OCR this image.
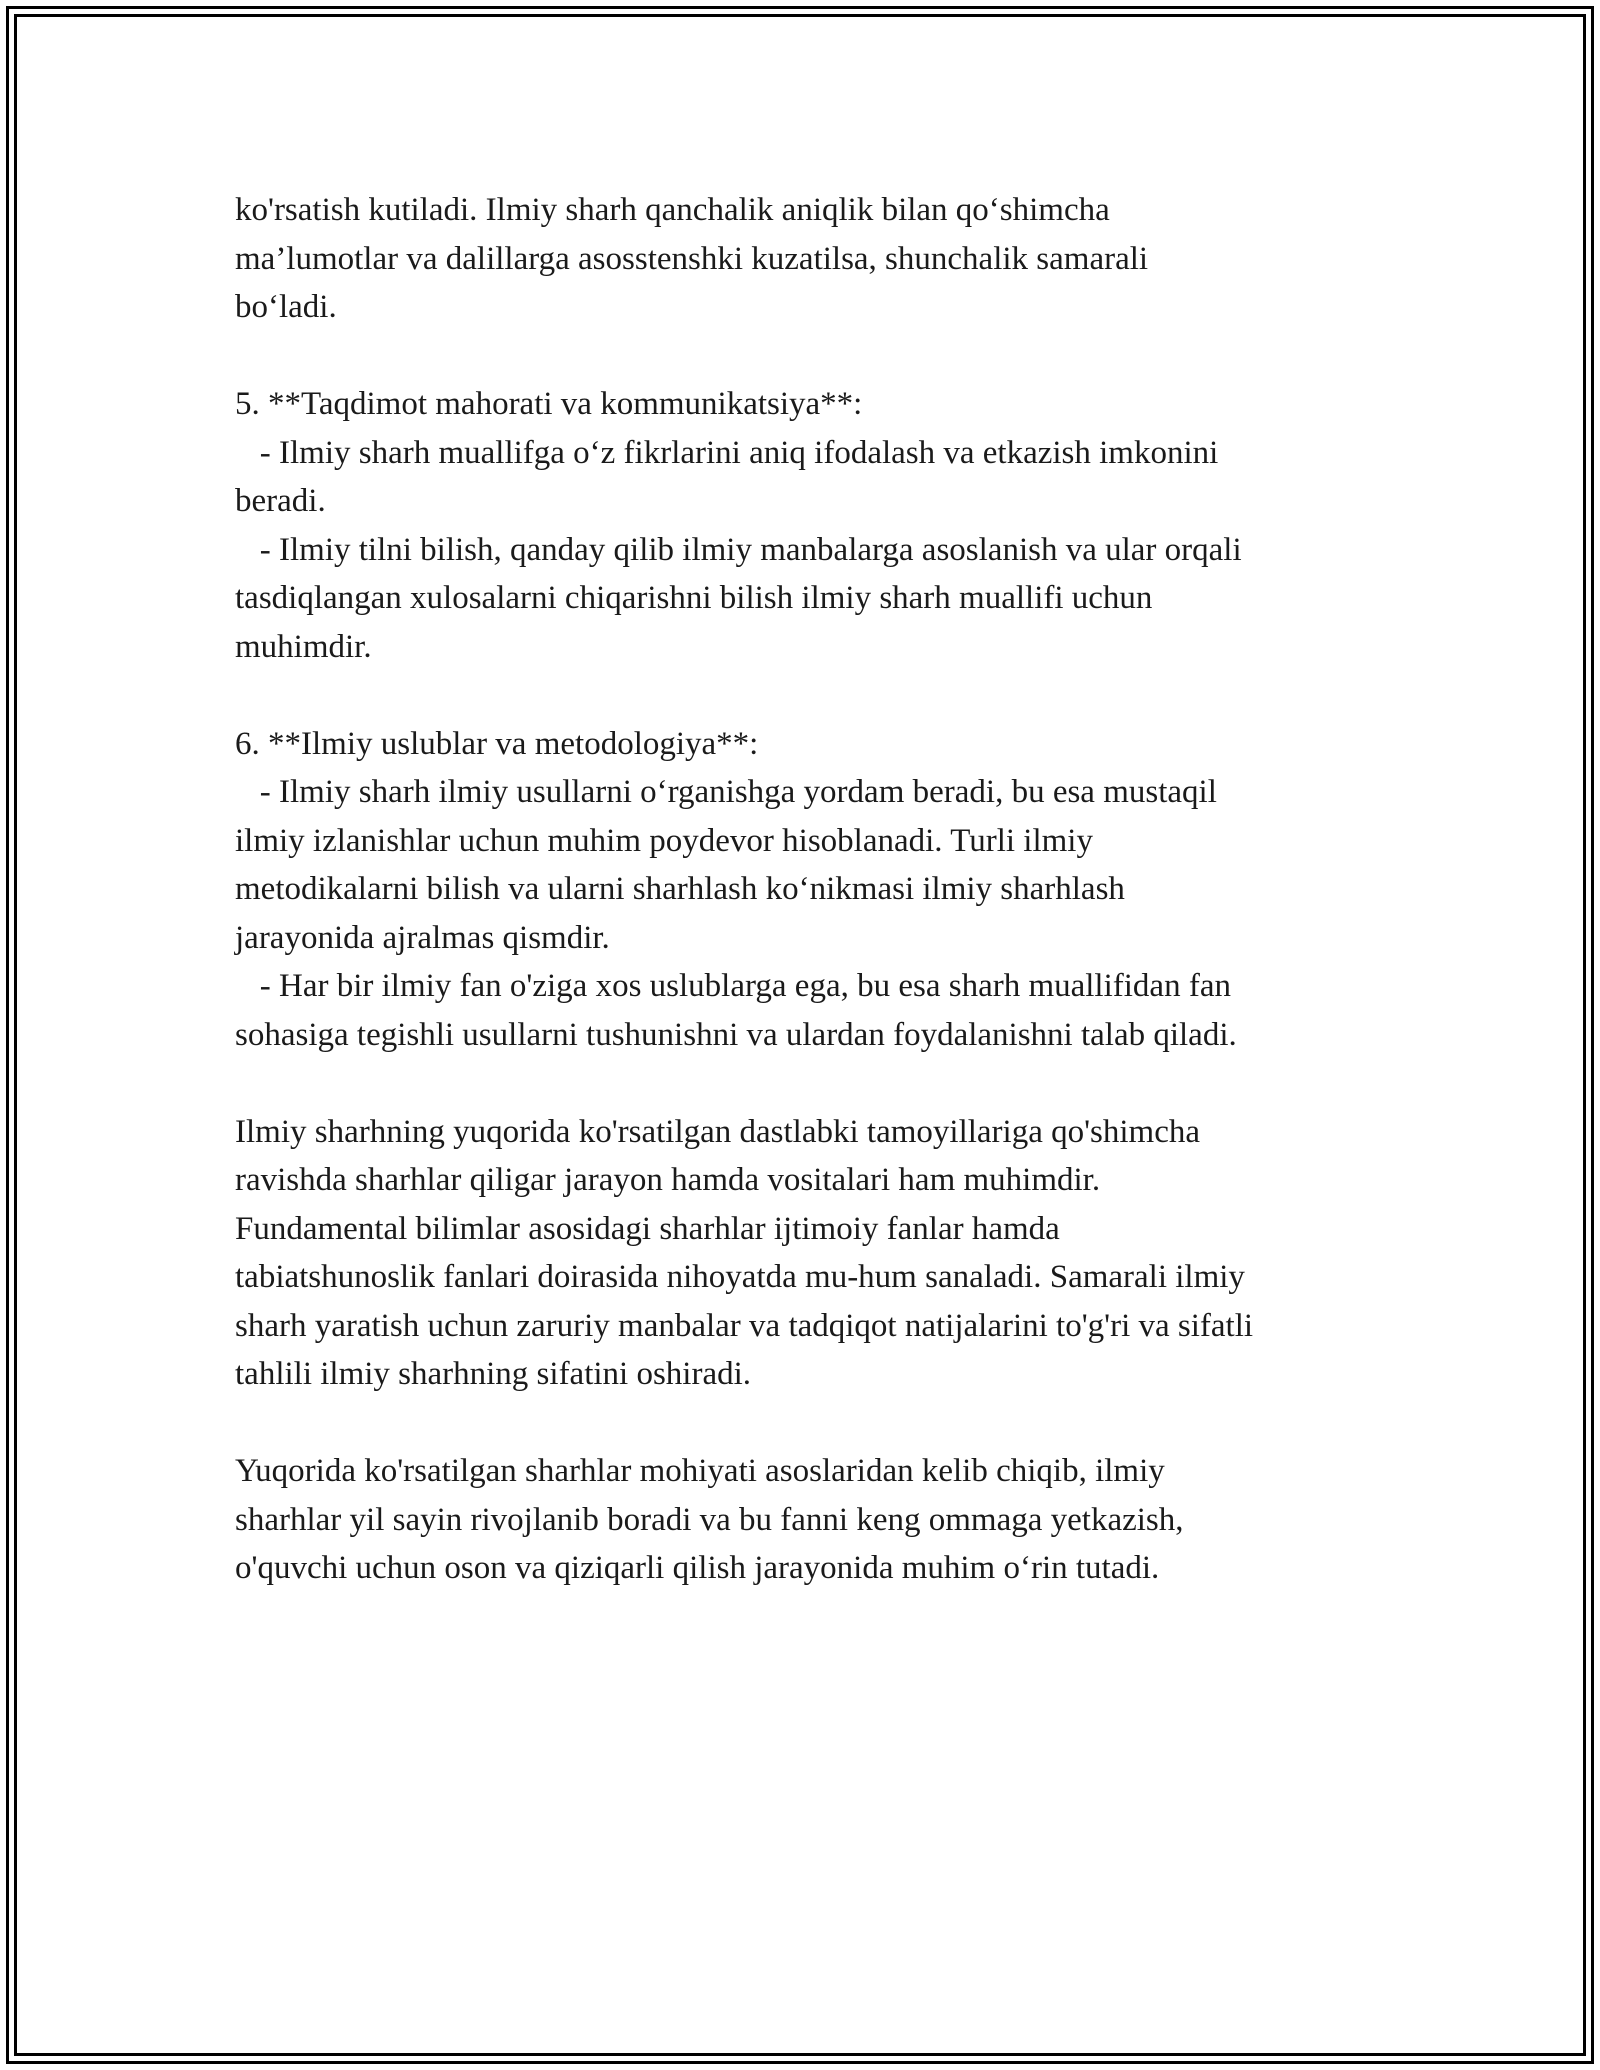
ko'rsatish kutiladi. Ilmiy sharh qanchalik aniqlik bilan qo‘shimcha
ma’lumotlar va dalillarga asosstenshki kuzatilsa, shunchalik samarali
bo‘ladi.

5. **Taqdimot mahorati va kommunikatsiya**:
- Ilmiy sharh muallifga o‘z fikrlarini aniq ifodalash va etkazish imkonini
beradi.
- Ilmiy tilni bilish, qanday qilib ilmiy manbalarga asoslanish va ular orqali
tasdiqlangan xulosalarni chiqarishni bilish ilmiy sharh muallifi uchun
muhimdir.

6. **Ilmiy uslublar va metodologiya**:
- Ilmiy sharh ilmiy usullarni o‘rganishga yordam beradi, bu esa mustaqil
ilmiy izlanishlar uchun muhim poydevor hisoblanadi. Turli ilmiy
metodikalarni bilish va ularni sharhlash ko‘nikmasi ilmiy sharhlash
jarayonida ajralmas qismdir.
- Har bir ilmiy fan o'ziga xos uslublarga ega, bu esa sharh muallifidan fan
sohasiga tegishli usullarni tushunishni va ulardan foydalanishni talab qiladi.

Ilmiy sharhning yuqorida ko'rsatilgan dastlabki tamoyillariga qo'shimcha
ravishda sharhlar qiligar jarayon hamda vositalari ham muhimdir.
Fundamental bilimlar asosidagi sharhlar ijtimoiy fanlar hamda
tabiatshunoslik fanlari doirasida nihoyatda mu-hum sanaladi. Samarali ilmiy
sharh yaratish uchun zaruriy manbalar va tadqiqot natijalarini to'g'ri va sifatli
tahlili ilmiy sharhning sifatini oshiradi.

Yuqorida ko'rsatilgan sharhlar mohiyati asoslaridan kelib chiqib, ilmiy
sharhlar yil sayin rivojlanib boradi va bu fanni keng ommaga yetkazish,
o'quvchi uchun oson va qiziqarli qilish jarayonida muhim o‘rin tutadi.
